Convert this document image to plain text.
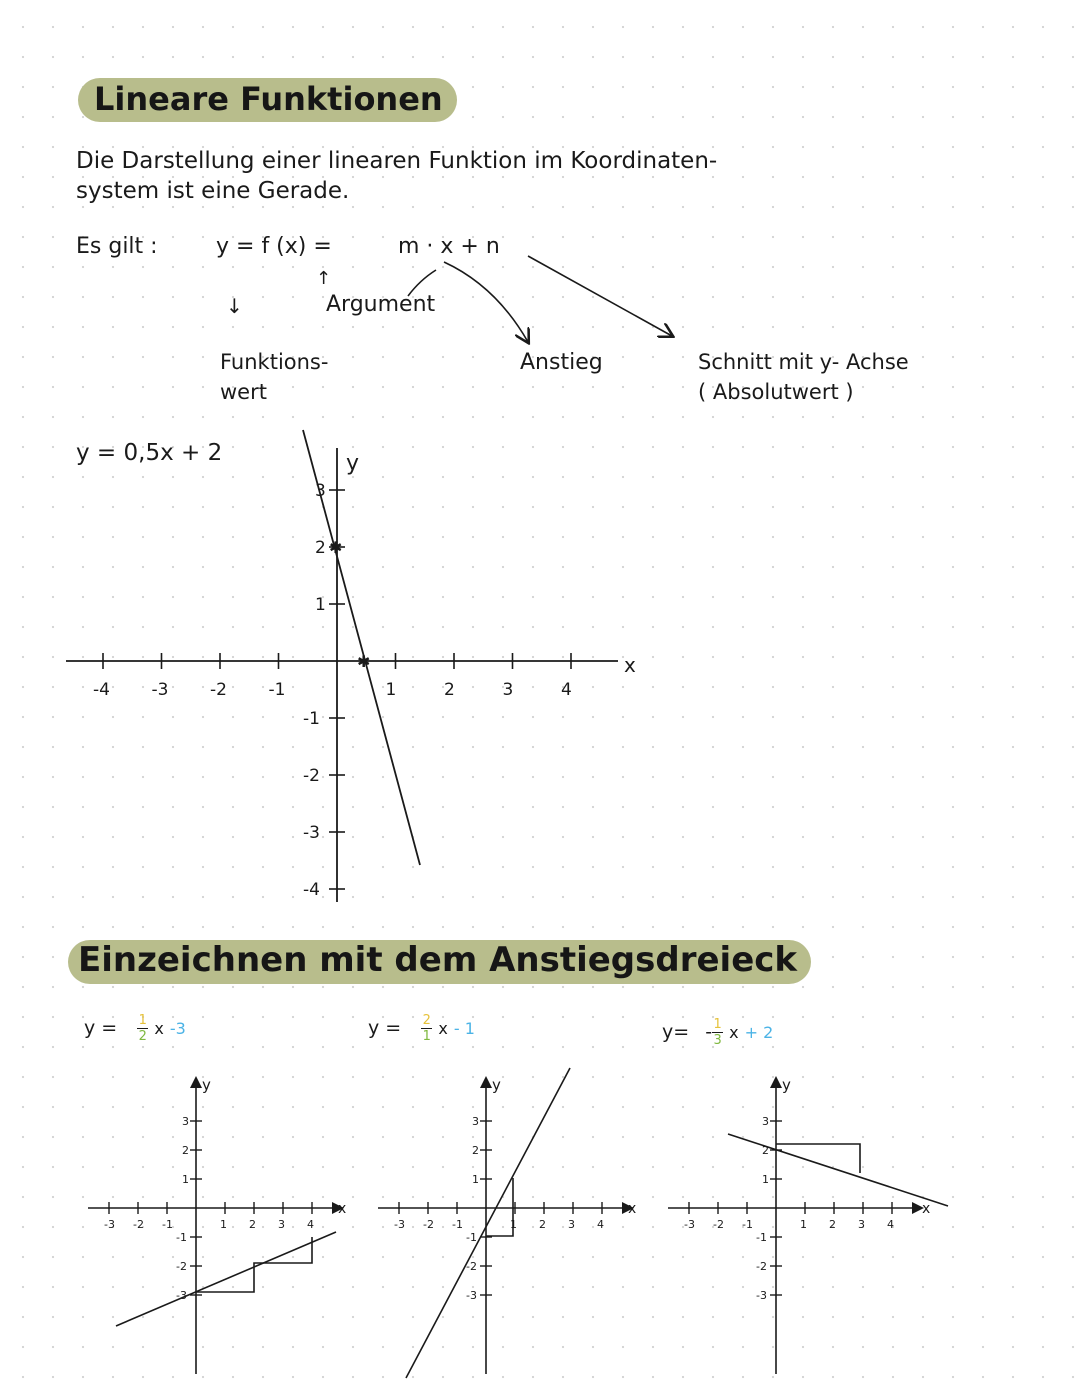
Lineare Funktionen
Die Darstellung einer linearen Funktion im Koordinaten-
system ist eine Gerade.
Es gilt :	y = f (x) =	m · x + n
↑
Argument
↓
Funktions-
wert
Anstieg	Schnitt mit y- Achse
( Absolutwert )
y = 0,5x + 2
-4 -3 -2 -1	1	2	3	4
3
2
1
-1
-2
-3
-4
y
x
✱
✱
Einzeichnen mit dem Anstiegsdreieck
$y = \frac{1}{2}$ x -3	$y = \frac{2}{1}$ x - 1	$y= - \frac{1}{3}$ x + 2
-3 -2 -1	1 2 3 4
3
2
1
-1
-2
-3
y
x
-3 -2 -1	1 2 3 4
3
2
1
-1
-2
-3
y
x
-3 -2 -1	1 2 3 4
3
2
1
-1
-2
-3
y
x
